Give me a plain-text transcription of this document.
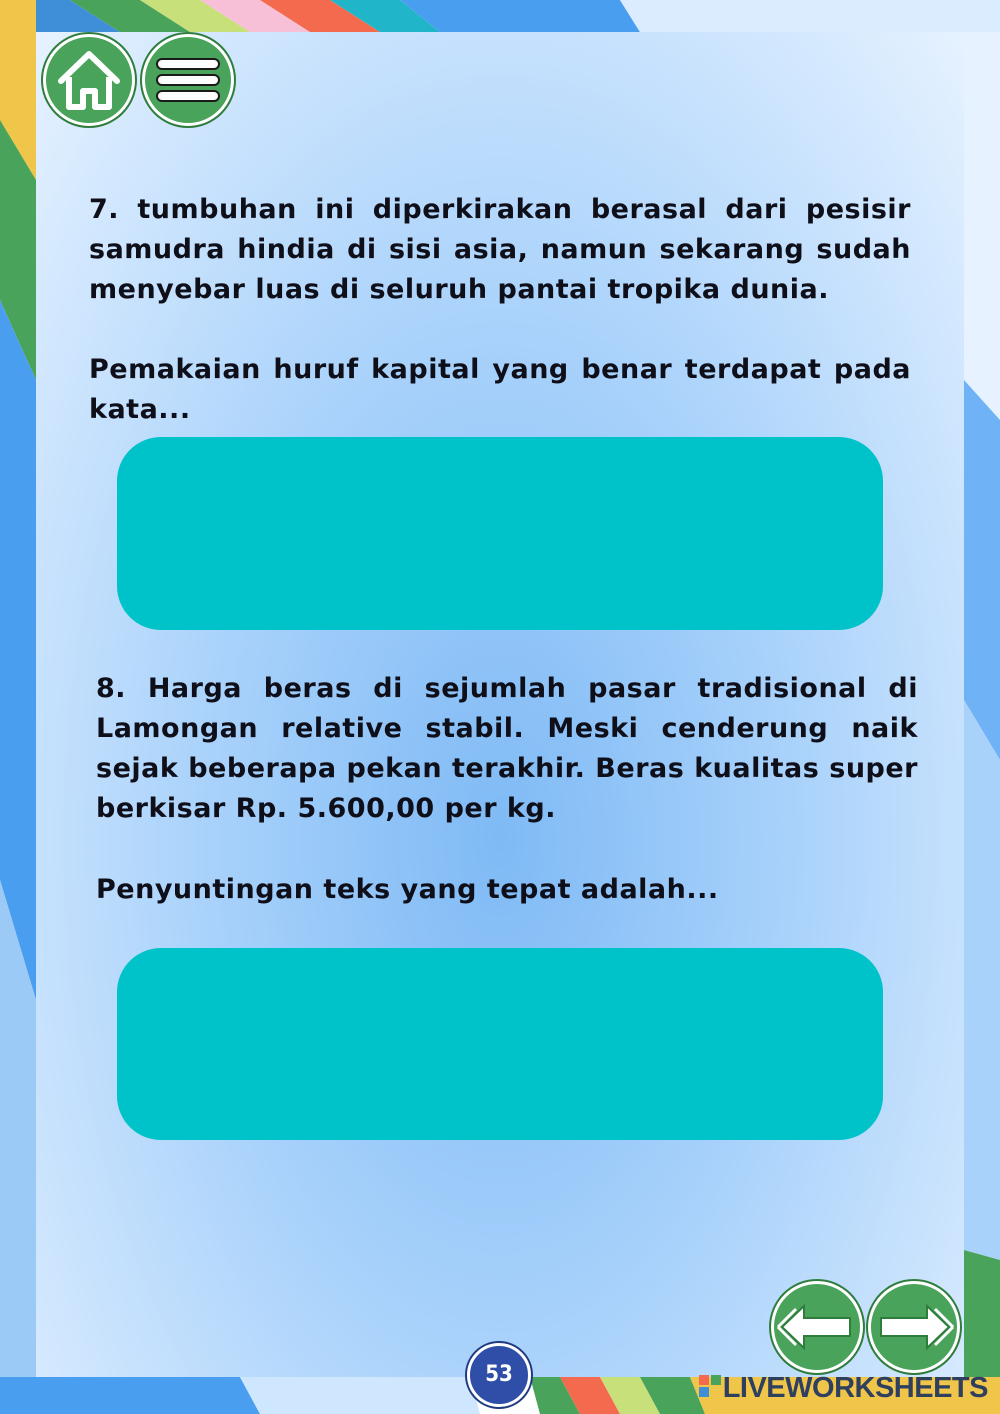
7. tumbuhan ini diperkirakan berasal dari pesisir samudra hindia di sisi asia, namun sekarang sudah menyebar luas di seluruh pantai tropika dunia.
Pemakaian huruf kapital yang benar terdapat pada kata...
8. Harga beras di sejumlah pasar tradisional di Lamongan relative stabil. Meski cenderung naik sejak beberapa pekan terakhir. Beras kualitas super berkisar Rp. 5.600,00 per kg.
Penyuntingan teks yang tepat adalah...
53	LIVEWORKSHEETS
